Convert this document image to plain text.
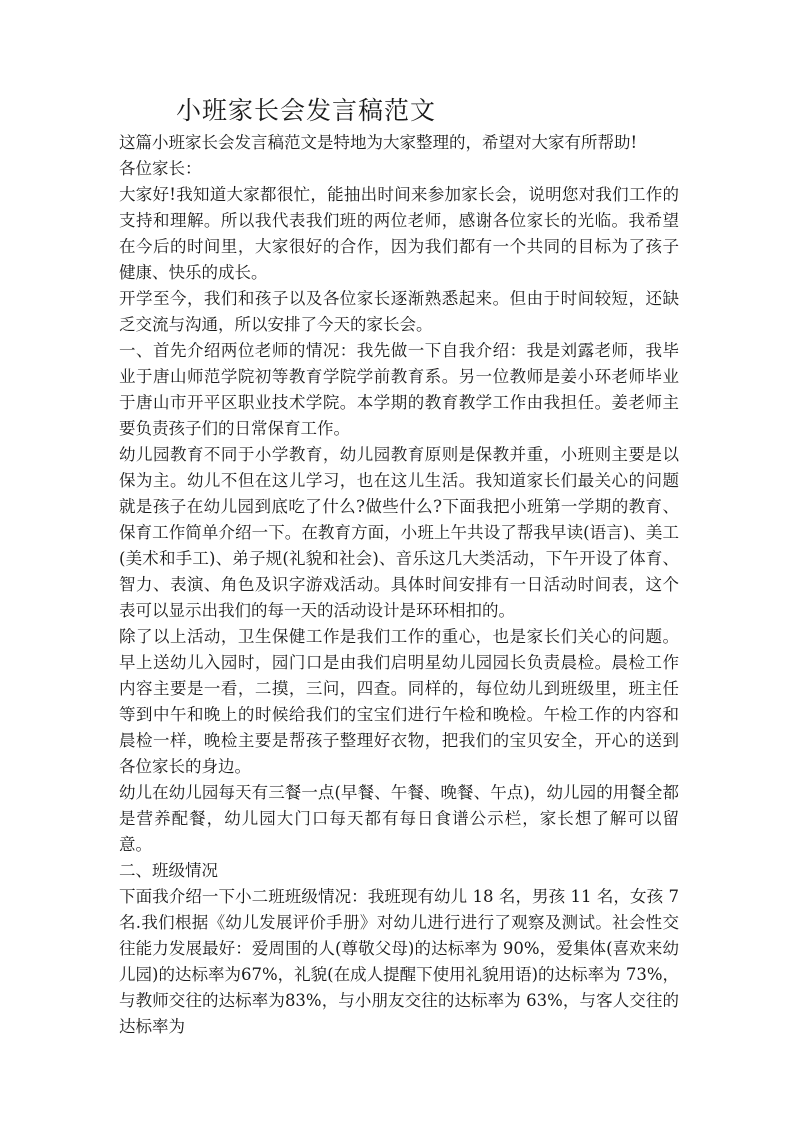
小班家长会发言稿范文

这篇小班家长会发言稿范文是特地为大家整理的，希望对大家有所帮助!

各位家长：

大家好!我知道大家都很忙，能抽出时间来参加家长会，说明您对我们工作的支持和理解。所以我代表我们班的两位老师，感谢各位家长的光临。我希望在今后的时间里，大家很好的合作，因为我们都有一个共同的目标为了孩子健康、快乐的成长。

开学至今，我们和孩子以及各位家长逐渐熟悉起来。但由于时间较短，还缺乏交流与沟通，所以安排了今天的家长会。

一、首先介绍两位老师的情况：我先做一下自我介绍：我是刘露老师，我毕业于唐山师范学院初等教育学院学前教育系。另一位教师是姜小环老师毕业于唐山市开平区职业技术学院。本学期的教育教学工作由我担任。姜老师主要负责孩子们的日常保育工作。

幼儿园教育不同于小学教育，幼儿园教育原则是保教并重，小班则主要是以保为主。幼儿不但在这儿学习，也在这儿生活。我知道家长们最关心的问题就是孩子在幼儿园到底吃了什么?做些什么?下面我把小班第一学期的教育、保育工作简单介绍一下。在教育方面，小班上午共设了帮我早读(语言)、美工(美术和手工)、弟子规(礼貌和社会)、音乐这几大类活动，下午开设了体育、智力、表演、角色及识字游戏活动。具体时间安排有一日活动时间表，这个表可以显示出我们的每一天的活动设计是环环相扣的。

除了以上活动，卫生保健工作是我们工作的重心，也是家长们关心的问题。早上送幼儿入园时，园门口是由我们启明星幼儿园园长负责晨检。晨检工作内容主要是一看，二摸，三问，四查。同样的，每位幼儿到班级里，班主任等到中午和晚上的时候给我们的宝宝们进行午检和晚检。午检工作的内容和晨检一样，晚检主要是帮孩子整理好衣物，把我们的宝贝安全，开心的送到各位家长的身边。

幼儿在幼儿园每天有三餐一点(早餐、午餐、晚餐、午点)，幼儿园的用餐全都是营养配餐，幼儿园大门口每天都有每日食谱公示栏，家长想了解可以留意。

二、班级情况

下面我介绍一下小二班班级情况：我班现有幼儿 18 名，男孩 11 名，女孩 7 名.我们根据《幼儿发展评价手册》对幼儿进行进行了观察及测试。社会性交往能力发展最好：爱周围的人(尊敬父母)的达标率为 90%，爱集体(喜欢来幼儿园)的达标率为67%，礼貌(在成人提醒下使用礼貌用语)的达标率为 73%，与教师交往的达标率为83%，与小朋友交往的达标率为 63%，与客人交往的达标率为
